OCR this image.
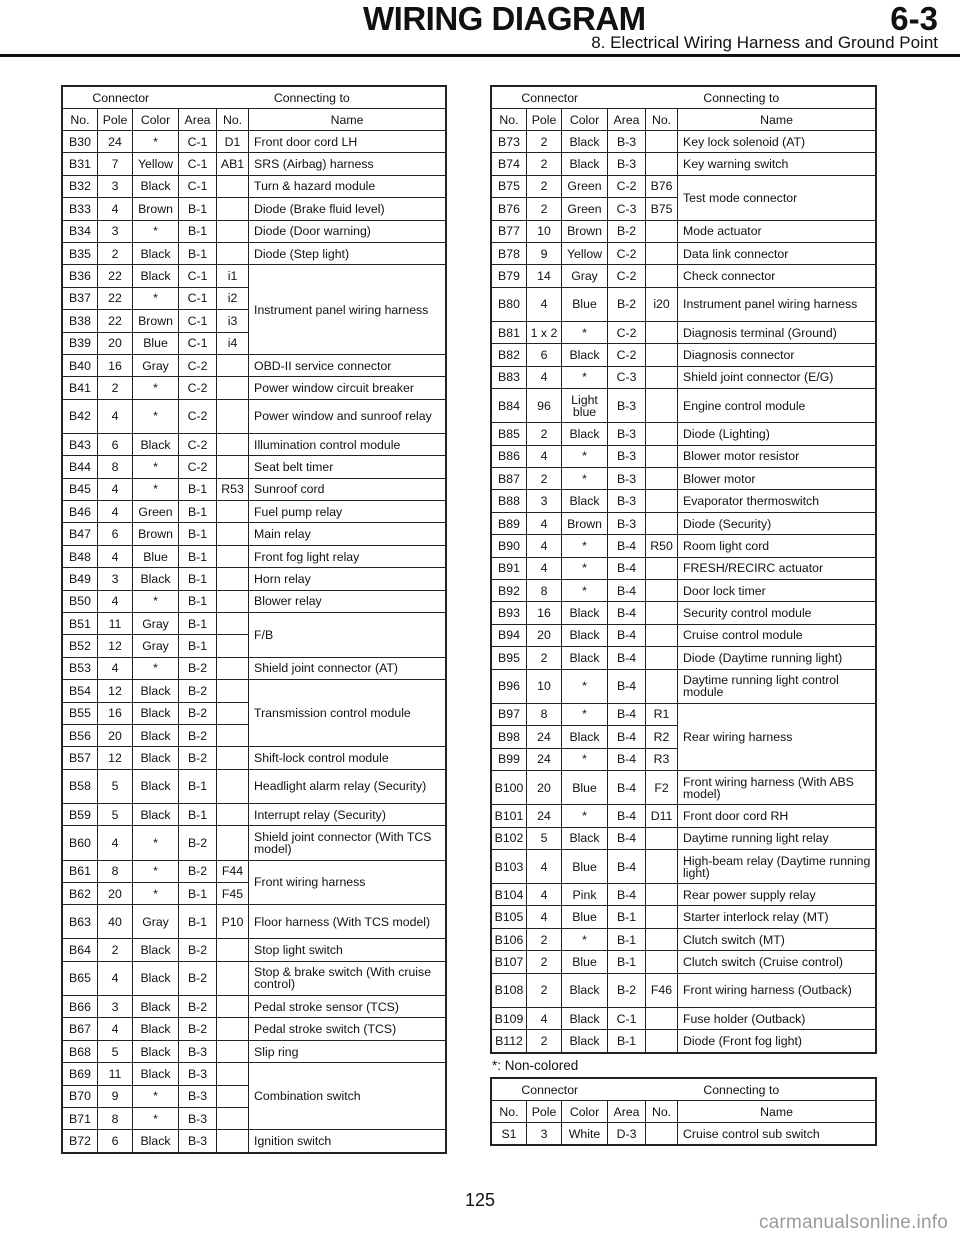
WIRING DIAGRAM	6-3
8. Electrical Wiring Harness and Ground Point
Connector			Connecting to		
No.	Pole	Color	Area	No.	Name
B30	24	*	C-1	D1	Front door cord LH
B31	7	Yellow	C-1	AB1	SRS (Airbag) harness
B32	3	Black	C-1		Turn & hazard module
B33	4	Brown	B-1		Diode (Brake fluid level)
B34	3	*	B-1		Diode (Door warning)
B35	2	Black	B-1		Diode (Step light)
B36	22	Black	C-1	i1	Instrument panel wiring harness
B37	22	*	C-1	i2	
B38	22	Brown	C-1	i3	
B39	20	Blue	C-1	i4	
B40	16	Gray	C-2		OBD-II service connector
B41	2	*	C-2		Power window circuit breaker
B42	4	*	C-2		Power window and sunroof relay
B43	6	Black	C-2		Illumination control module
B44	8	*	C-2		Seat belt timer
B45	4	*	B-1	R53	Sunroof cord
B46	4	Green	B-1		Fuel pump relay
B47	6	Brown	B-1		Main relay
B48	4	Blue	B-1		Front fog light relay
B49	3	Black	B-1		Horn relay
B50	4	*	B-1		Blower relay
B51	11	Gray	B-1		F/B
B52	12	Gray	B-1		
B53	4	*	B-2		Shield joint connector (AT)
B54	12	Black	B-2		Transmission control module
B55	16	Black	B-2		
B56	20	Black	B-2		
B57	12	Black	B-2		Shift-lock control module
B58	5	Black	B-1		Headlight alarm relay (Security)
B59	5	Black	B-1		Interrupt relay (Security)
B60	4	*	B-2		Shield joint connector (With TCS model)
B61	8	*	B-2	F44	Front wiring harness
B62	20	*	B-1	F45	
B63	40	Gray	B-1	P10	Floor harness (With TCS model)
B64	2	Black	B-2		Stop light switch
B65	4	Black	B-2		Stop & brake switch (With cruise control)
B66	3	Black	B-2		Pedal stroke sensor (TCS)
B67	4	Black	B-2		Pedal stroke switch (TCS)
B68	5	Black	B-3		Slip ring
B69	11	Black	B-3		Combination switch
B70	9	*	B-3		
B71	8	*	B-3		
B72	6	Black	B-3		Ignition switch
Connector			Connecting to		
No.	Pole	Color	Area	No.	Name
B73	2	Black	B-3		Key lock solenoid (AT)
B74	2	Black	B-3		Key warning switch
B75	2	Green	C-2	B76	Test mode connector
B76	2	Green	C-3	B75	
B77	10	Brown	B-2		Mode actuator
B78	9	Yellow	C-2		Data link connector
B79	14	Gray	C-2		Check connector
B80	4	Blue	B-2	i20	Instrument panel wiring harness
B81	1 x 2	*	C-2		Diagnosis terminal (Ground)
B82	6	Black	C-2		Diagnosis connector
B83	4	*	C-3		Shield joint connector (E/G)
B84	96	Light blue	B-3		Engine control module
B85	2	Black	B-3		Diode (Lighting)
B86	4	*	B-3		Blower motor resistor
B87	2	*	B-3		Blower motor
B88	3	Black	B-3		Evaporator thermoswitch
B89	4	Brown	B-3		Diode (Security)
B90	4	*	B-4	R50	Room light cord
B91	4	*	B-4		FRESH/RECIRC actuator
B92	8	*	B-4		Door lock timer
B93	16	Black	B-4		Security control module
B94	20	Black	B-4		Cruise control module
B95	2	Black	B-4		Diode (Daytime running light)
B96	10	*	B-4		Daytime running light control module
B97	8	*	B-4	R1	Rear wiring harness
B98	24	Black	B-4	R2	
B99	24	*	B-4	R3	
B100	20	Blue	B-4	F2	Front wiring harness (With ABS model)
B101	24	*	B-4	D11	Front door cord RH
B102	5	Black	B-4		Daytime running light relay
B103	4	Blue	B-4		High-beam relay (Daytime running light)
B104	4	Pink	B-4		Rear power supply relay
B105	4	Blue	B-1		Starter interlock relay (MT)
B106	2	*	B-1		Clutch switch (MT)
B107	2	Blue	B-1		Clutch switch (Cruise control)
B108	2	Black	B-2	F46	Front wiring harness (Outback)
B109	4	Black	C-1		Fuse holder (Outback)
B112	2	Black	B-1		Diode (Front fog light)
*: Non-colored
Connector			Connecting to		
No.	Pole	Color	Area	No.	Name
S1	3	White	D-3		Cruise control sub switch
125
carmanualsonline.info
